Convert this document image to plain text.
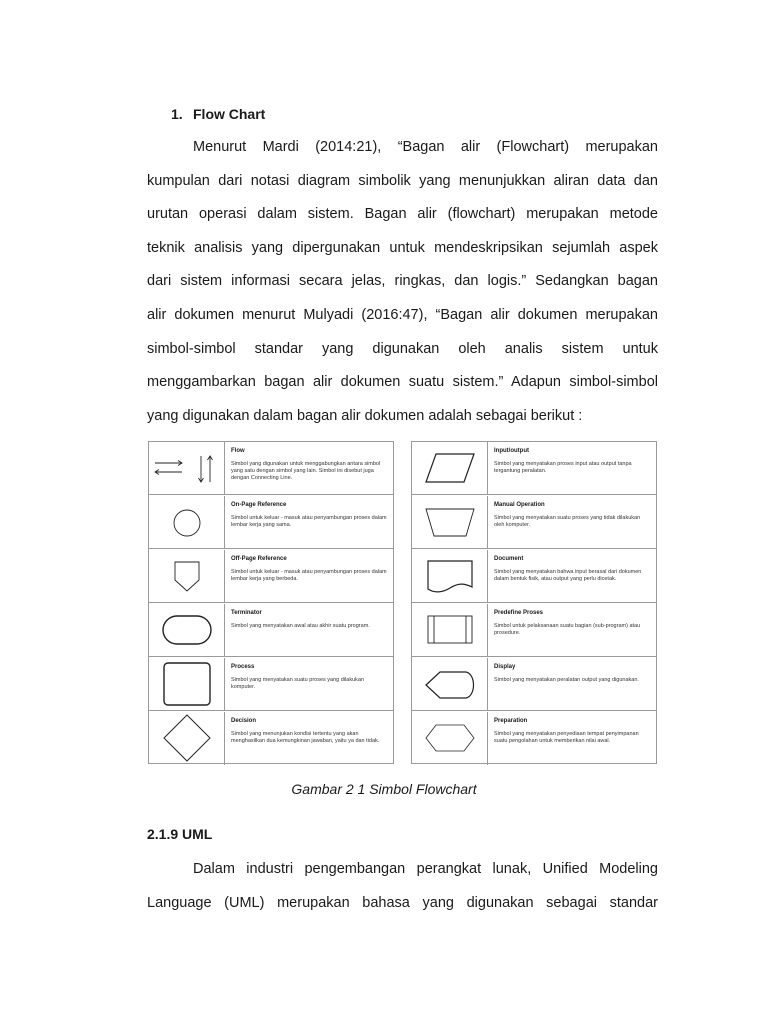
1. Flow Chart
Menurut Mardi (2014:21), “Bagan alir (Flowchart) merupakan
kumpulan dari notasi diagram simbolik yang menunjukkan aliran data dan
urutan operasi dalam sistem. Bagan alir (flowchart) merupakan metode
teknik analisis yang dipergunakan untuk mendeskripsikan sejumlah aspek
dari sistem informasi secara jelas, ringkas, dan logis.” Sedangkan bagan
alir dokumen menurut Mulyadi (2016:47), “Bagan alir dokumen merupakan
simbol-simbol standar yang digunakan oleh analis sistem untuk
menggambarkan bagan alir dokumen suatu sistem.” Adapun simbol-simbol
yang digunakan dalam bagan alir dokumen adalah sebagai berikut :
Flow
Simbol yang digunakan untuk menggabungkan antara simbol yang satu dengan simbol yang lain. Simbol ini disebut juga dengan Connecting Line.
On-Page Reference
Simbol untuk keluar - masuk atau penyambungan proses dalam lembar kerja yang sama.
Off-Page Reference
Simbol untuk keluar - masuk atau penyambungan proses dalam lembar kerja yang berbeda.
Terminator
Simbol yang menyatakan awal atau akhir suatu program.
Process
Simbol yang menyatakan suatu proses yang dilakukan komputer.
Decision
Simbol yang menunjukan kondisi tertentu yang akan menghasilkan dua kemungkinan jawaban, yaitu ya dan tidak.
Input/output
Simbol yang menyatakan proses input atau output tanpa tergantung peralatan.
Manual Operation
Simbol yang menyatakan suatu proses yang tidak dilakukan oleh komputer.
Document
Simbol yang menyatakan bahwa input berasal dari dokumen dalam bentuk fisik, atau output yang perlu dicetak.
Predefine Proses
Simbol untuk pelaksanaan suatu bagian (sub-program) atau prosedure.
Display
Simbol yang menyatakan peralatan output yang digunakan.
Preparation
Simbol yang menyatakan penyediaan tempat penyimpanan suatu pengolahan untuk memberikan nilai awal.
Gambar 2 1 Simbol Flowchart
2.1.9 UML
Dalam industri pengembangan perangkat lunak, Unified Modeling
Language (UML) merupakan bahasa yang digunakan sebagai standar
